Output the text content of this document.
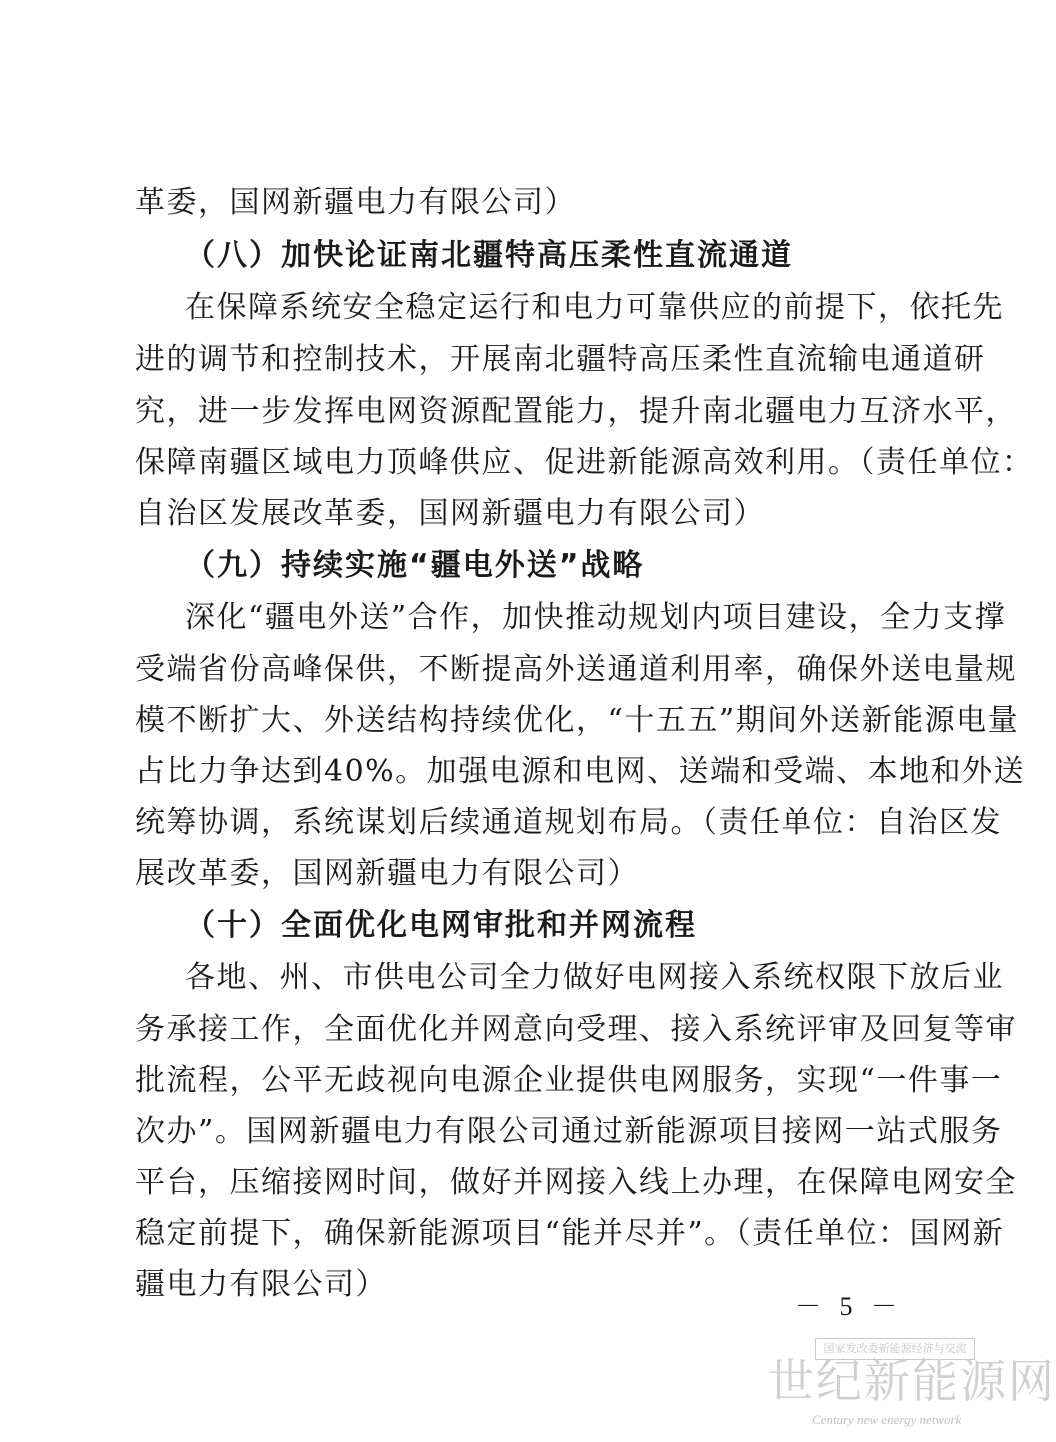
革委，国网新疆电力有限公司）
（八）加快论证南北疆特高压柔性直流通道
在保障系统安全稳定运行和电力可靠供应的前提下，依托先
进的调节和控制技术，开展南北疆特高压柔性直流输电通道研
究，进一步发挥电网资源配置能力，提升南北疆电力互济水平，
保障南疆区域电力顶峰供应、促进新能源高效利用。（责任单位：
自治区发展改革委，国网新疆电力有限公司）
（九）持续实施“疆电外送”战略
深化“疆电外送”合作，加快推动规划内项目建设，全力支撑
受端省份高峰保供，不断提高外送通道利用率，确保外送电量规
模不断扩大、外送结构持续优化，“十五五”期间外送新能源电量
占比力争达到40%。加强电源和电网、送端和受端、本地和外送
统筹协调，系统谋划后续通道规划布局。（责任单位：自治区发
展改革委，国网新疆电力有限公司）
（十）全面优化电网审批和并网流程
各地、州、市供电公司全力做好电网接入系统权限下放后业
务承接工作，全面优化并网意向受理、接入系统评审及回复等审
批流程，公平无歧视向电源企业提供电网服务，实现“一件事一
次办”。国网新疆电力有限公司通过新能源项目接网一站式服务
平台，压缩接网时间，做好并网接入线上办理，在保障电网安全
稳定前提下，确保新能源项目“能并尽并”。（责任单位：国网新
疆电力有限公司）
－ 5 －
国家发改委新能源经济与交流
世纪新能源网
Century new energy network
